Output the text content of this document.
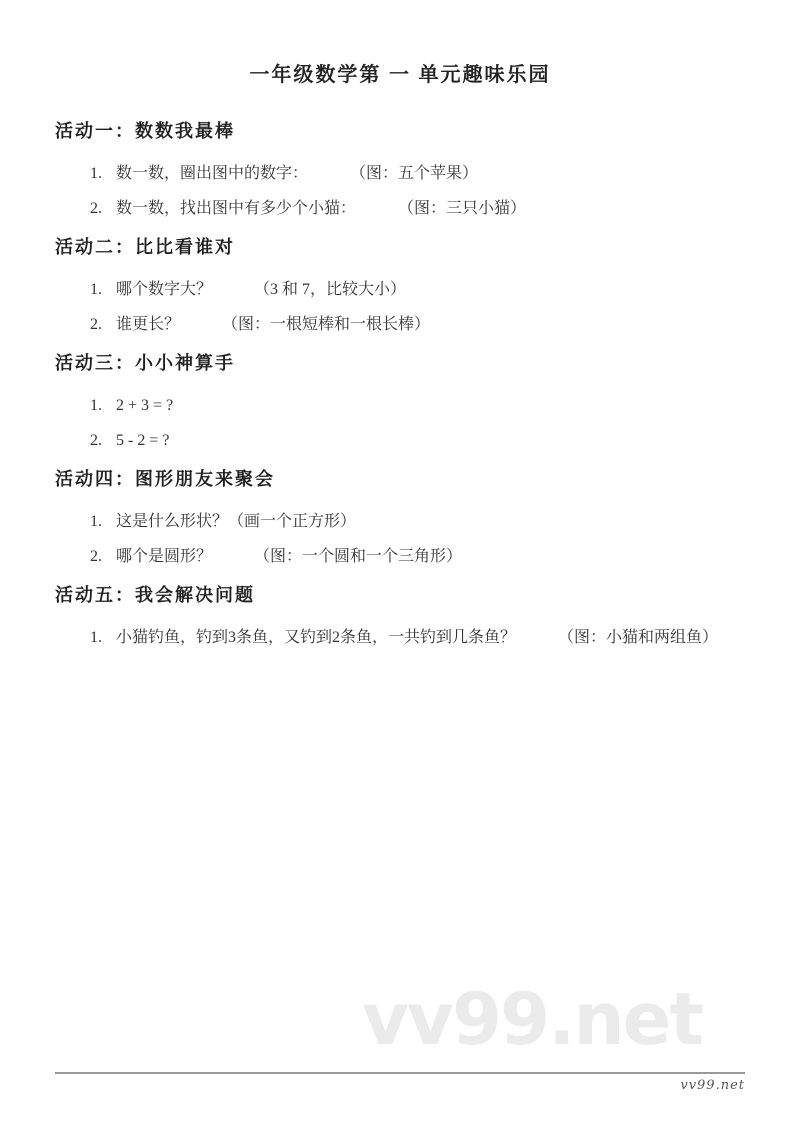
vv99.net
一年级数学第 一 单元趣味乐园
活动一：数数我最棒
1. 数一数，圈出图中的数字：	（图：五个苹果）
2. 数一数，找出图中有多少个小猫：	（图：三只小猫）
活动二：比比看谁对
1. 哪个数字大？	（3 和 7，比较大小）
2. 谁更长？	（图：一根短棒和一根长棒）
活动三：小小神算手
1. 2 + 3 = ?
2. 5 - 2 = ?
活动四：图形朋友来聚会
1. 这是什么形状？（画一个正方形）
2. 哪个是圆形？	（图：一个圆和一个三角形）
活动五：我会解决问题
1. 小猫钓鱼，钓到3条鱼，又钓到2条鱼，一共钓到几条鱼？	（图：小猫和两组鱼）
vv99.net
